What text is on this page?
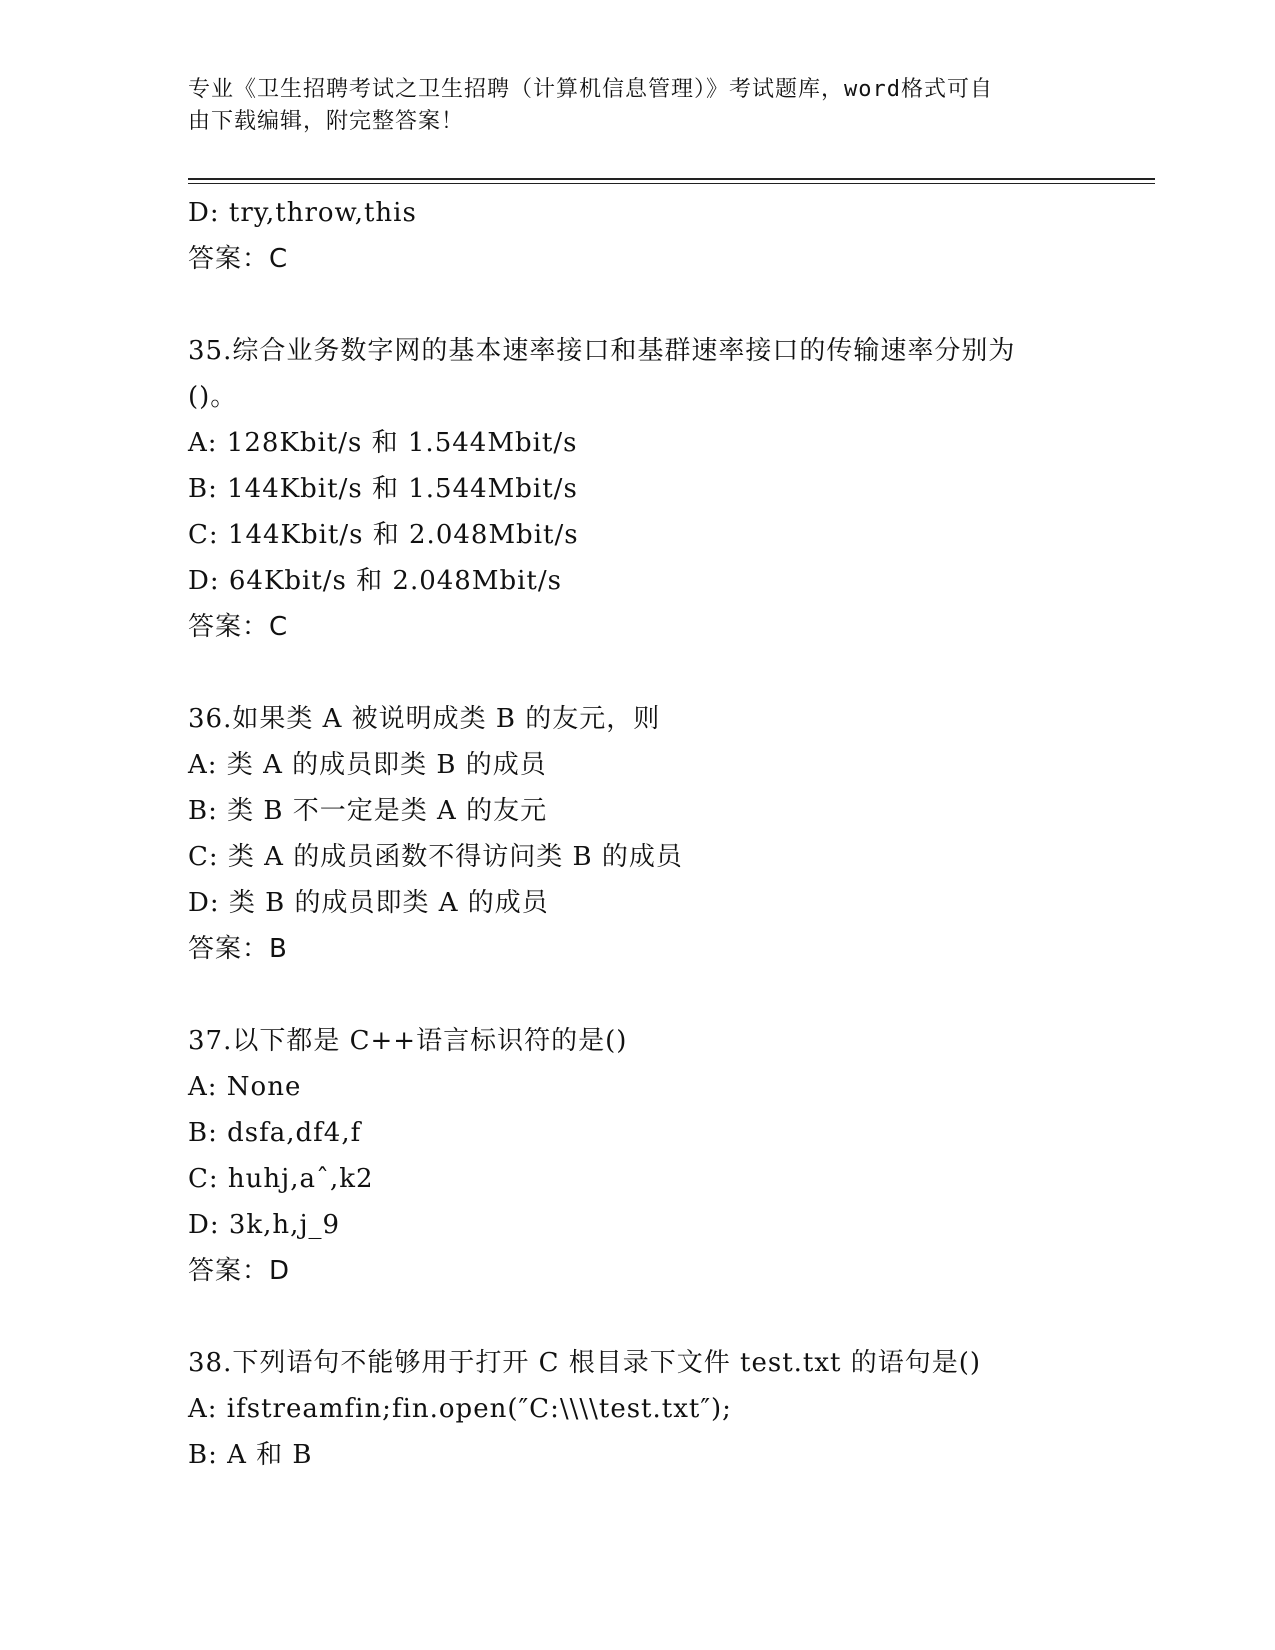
专业《卫生招聘考试之卫生招聘（计算机信息管理）》考试题库，word格式可自
由下载编辑，附完整答案！
D: try,throw,this
答案：C
35.综合业务数字网的基本速率接口和基群速率接口的传输速率分别为
()。
A: 128Kbit/s 和 1.544Mbit/s
B: 144Kbit/s 和 1.544Mbit/s
C: 144Kbit/s 和 2.048Mbit/s
D: 64Kbit/s 和 2.048Mbit/s
答案：C
36.如果类 A 被说明成类 B 的友元，则
A: 类 A 的成员即类 B 的成员
B: 类 B 不一定是类 A 的友元
C: 类 A 的成员函数不得访问类 B 的成员
D: 类 B 的成员即类 A 的成员
答案：B
37.以下都是 C++语言标识符的是()
A: None
B: dsfa,df4,f
C: huhj,aˆ,k2
D: 3k,h,j_9
答案：D
38.下列语句不能够用于打开 C 根目录下文件 test.txt 的语句是()
A: ifstreamfin;fin.open(″C:\\\\test.txt″);
B: A 和 B
